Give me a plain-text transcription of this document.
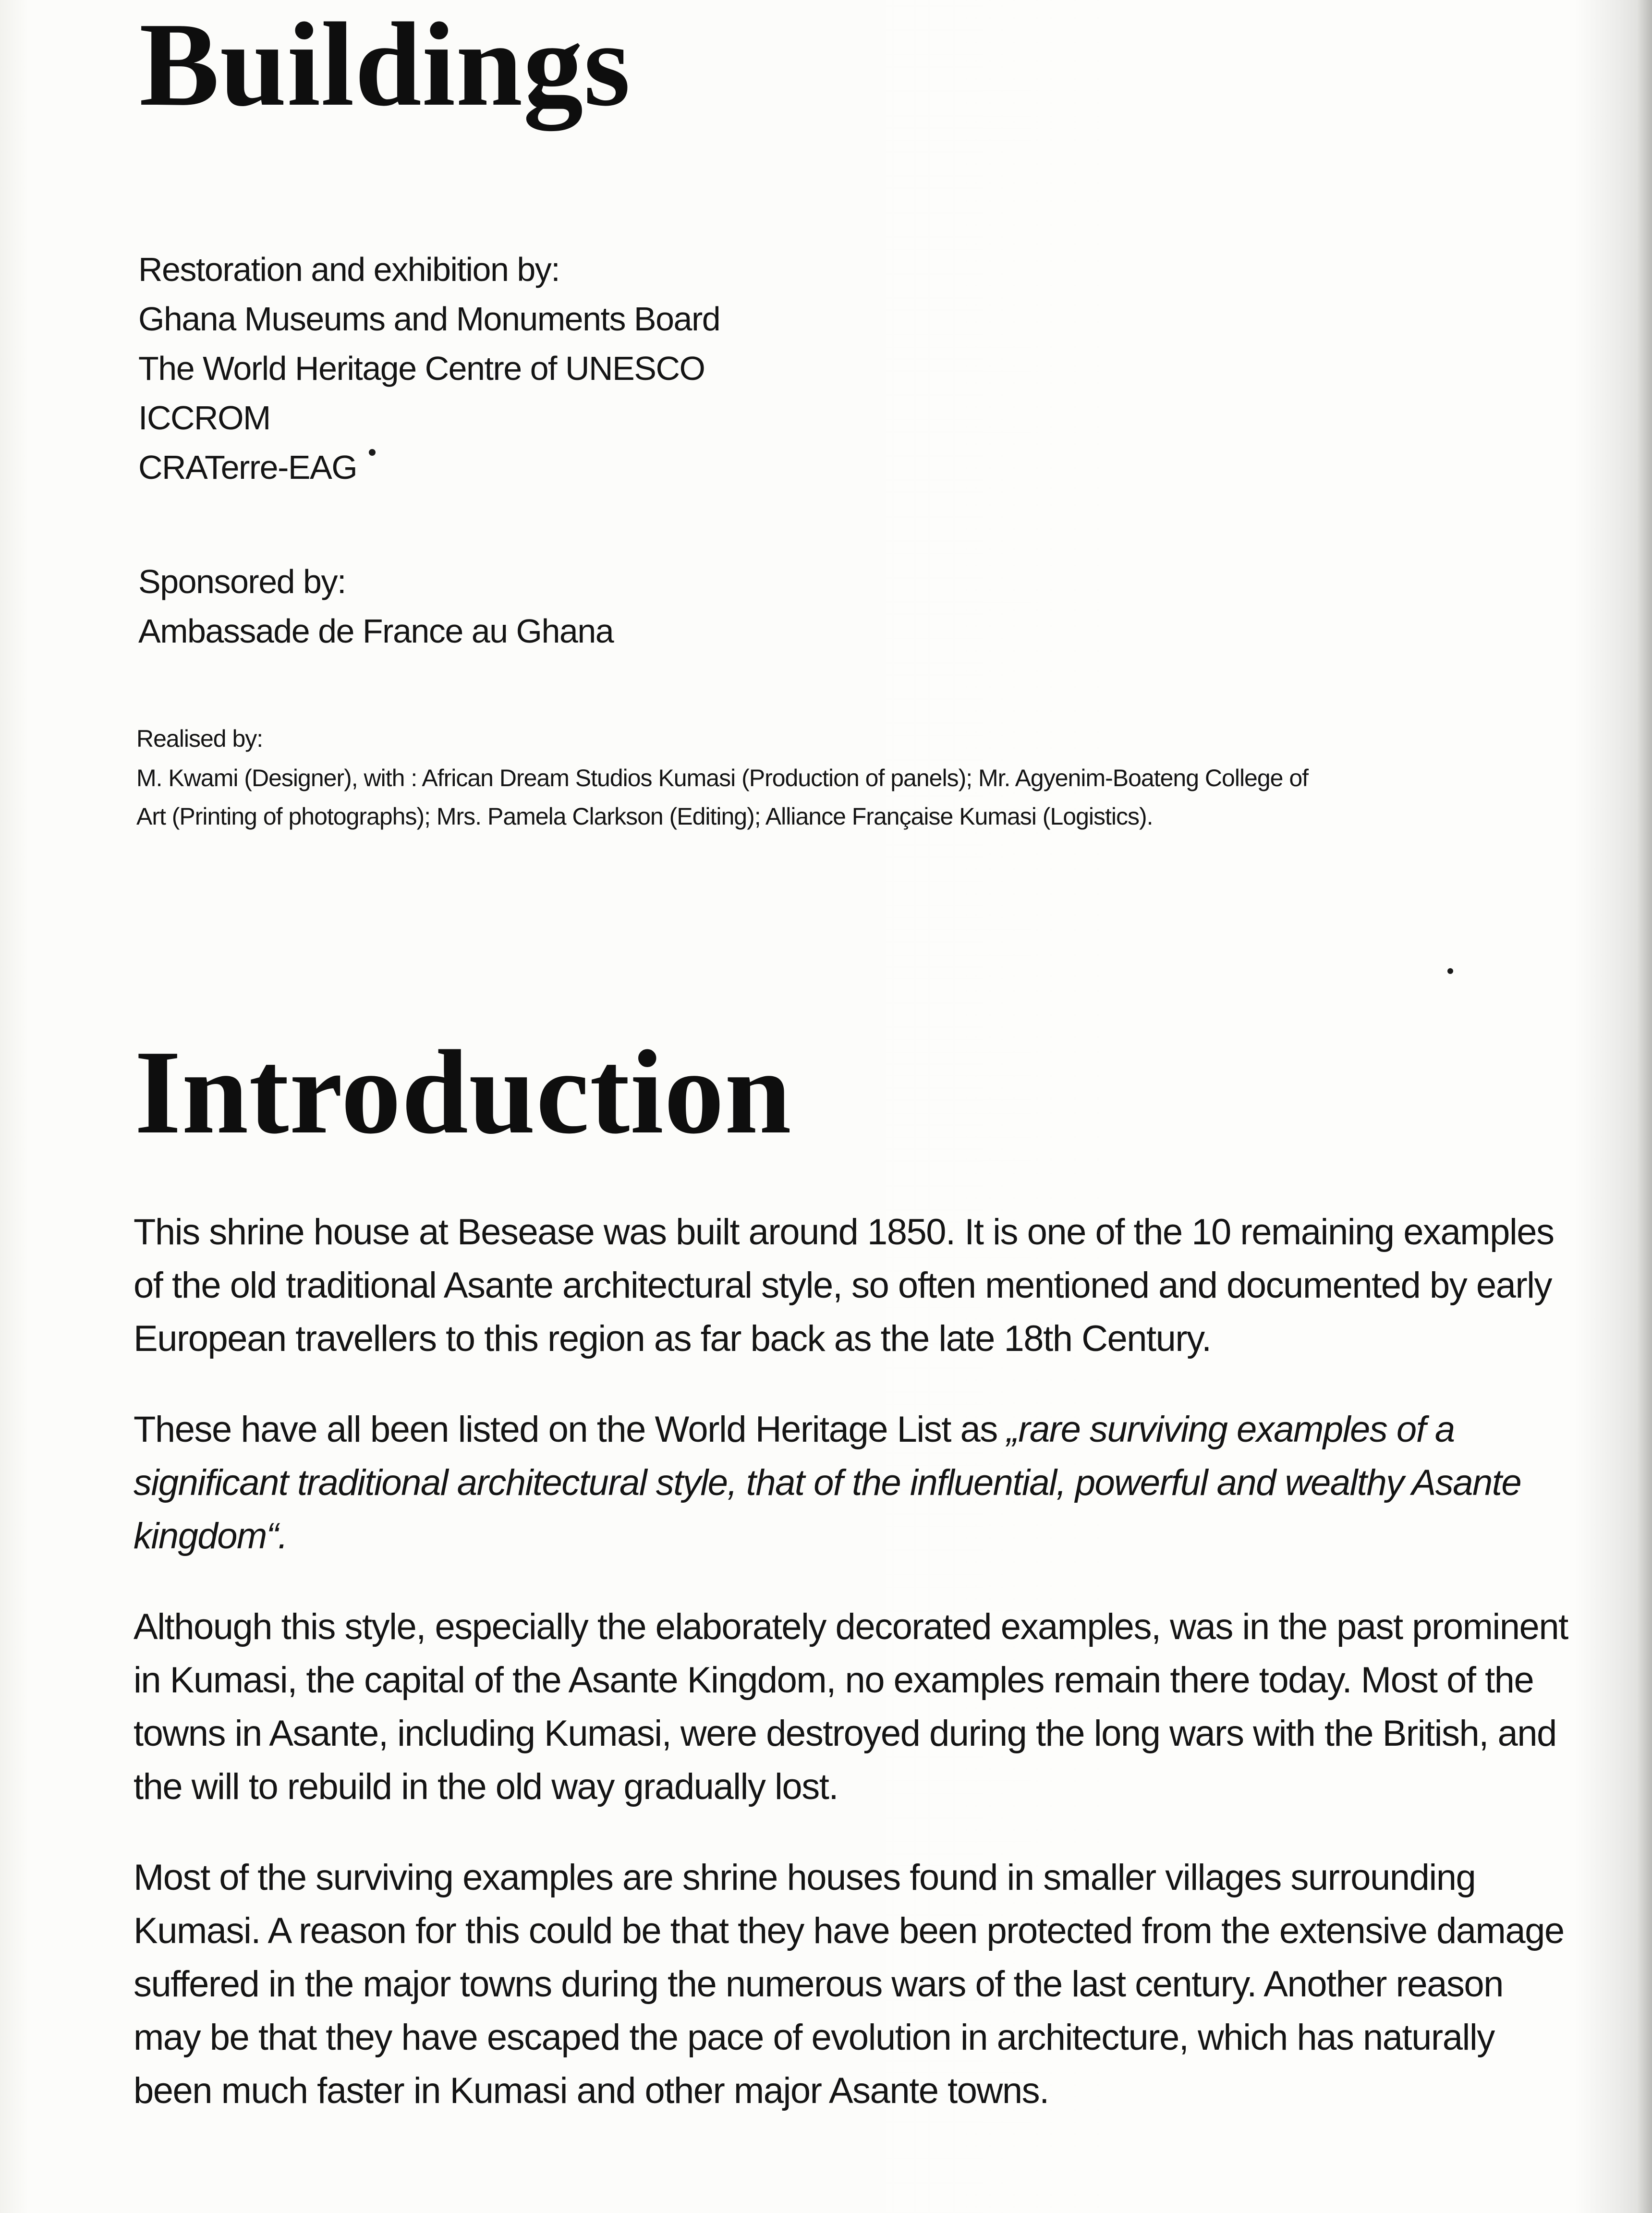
Buildings
Restoration and exhibition by:
Ghana Museums and Monuments Board
The World Heritage Centre of UNESCO
ICCROM
CRATerre-EAG
Sponsored by:
Ambassade de France au Ghana
Realised by:
M. Kwami (Designer), with : African Dream Studios Kumasi (Production of panels); Mr. Agyenim-Boateng College of
Art (Printing of photographs); Mrs. Pamela Clarkson (Editing); Alliance Française Kumasi (Logistics).
Introduction

This shrine house at Besease was built around 1850. It is one of the 10 remaining examples
of the old traditional Asante architectural style, so often mentioned and documented by early
European travellers to this region as far back as the late 18th Century.

These have all been listed on the World Heritage List as „rare surviving examples of a
significant traditional architectural style, that of the influential, powerful and wealthy Asante
kingdom“.

Although this style, especially the elaborately decorated examples, was in the past prominent
in Kumasi, the capital of the Asante Kingdom, no examples remain there today. Most of the
towns in Asante, including Kumasi, were destroyed during the long wars with the British, and
the will to rebuild in the old way gradually lost.

Most of the surviving examples are shrine houses found in smaller villages surrounding
Kumasi. A reason for this could be that they have been protected from the extensive damage
suffered in the major towns during the numerous wars of the last century. Another reason
may be that they have escaped the pace of evolution in architecture, which has naturally
been much faster in Kumasi and other major Asante towns.
